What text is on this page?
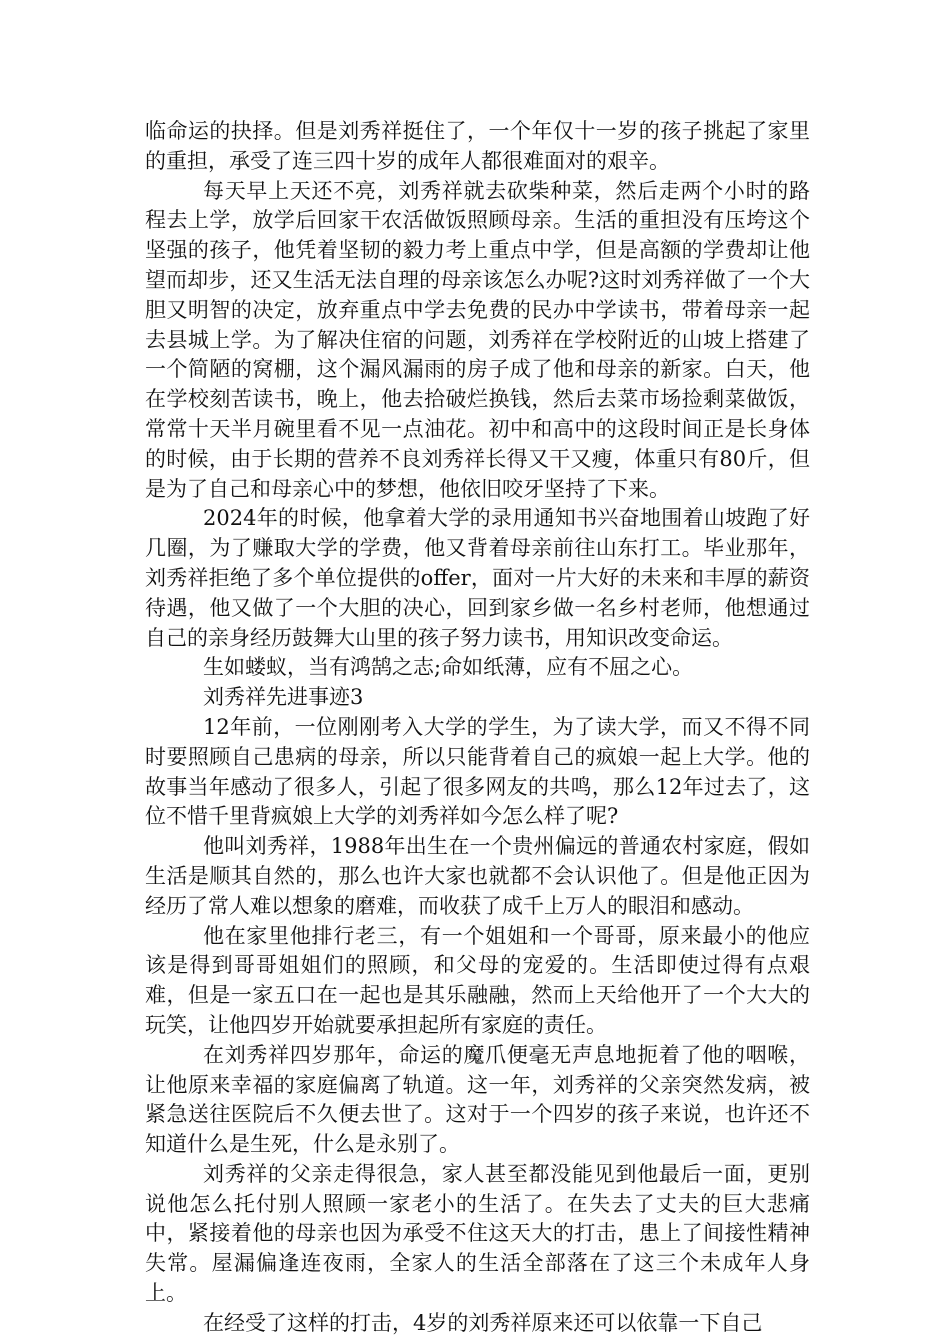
临命运的抉择。但是刘秀祥挺住了，一个年仅十一岁的孩子挑起了家里的重担，承受了连三四十岁的成年人都很难面对的艰辛。

每天早上天还不亮，刘秀祥就去砍柴种菜，然后走两个小时的路程去上学，放学后回家干农活做饭照顾母亲。生活的重担没有压垮这个坚强的孩子，他凭着坚韧的毅力考上重点中学，但是高额的学费却让他望而却步，还又生活无法自理的母亲该怎么办呢?这时刘秀祥做了一个大胆又明智的决定，放弃重点中学去免费的民办中学读书，带着母亲一起去县城上学。为了解决住宿的问题，刘秀祥在学校附近的山坡上搭建了一个简陋的窝棚，这个漏风漏雨的房子成了他和母亲的新家。白天，他在学校刻苦读书，晚上，他去拾破烂换钱，然后去菜市场捡剩菜做饭，常常十天半月碗里看不见一点油花。初中和高中的这段时间正是长身体的时候，由于长期的营养不良刘秀祥长得又干又瘦，体重只有80斤，但是为了自己和母亲心中的梦想，他依旧咬牙坚持了下来。

2024年的时候，他拿着大学的录用通知书兴奋地围着山坡跑了好几圈，为了赚取大学的学费，他又背着母亲前往山东打工。毕业那年，刘秀祥拒绝了多个单位提供的offer，面对一片大好的未来和丰厚的薪资待遇，他又做了一个大胆的决心，回到家乡做一名乡村老师，他想通过自己的亲身经历鼓舞大山里的孩子努力读书，用知识改变命运。

生如蝼蚁，当有鸿鹄之志;命如纸薄，应有不屈之心。

刘秀祥先进事迹3

12年前，一位刚刚考入大学的学生，为了读大学，而又不得不同时要照顾自己患病的母亲，所以只能背着自己的疯娘一起上大学。他的故事当年感动了很多人，引起了很多网友的共鸣，那么12年过去了，这位不惜千里背疯娘上大学的刘秀祥如今怎么样了呢?

他叫刘秀祥，1988年出生在一个贵州偏远的普通农村家庭，假如生活是顺其自然的，那么也许大家也就都不会认识他了。但是他正因为经历了常人难以想象的磨难，而收获了成千上万人的眼泪和感动。

他在家里他排行老三，有一个姐姐和一个哥哥，原来最小的他应该是得到哥哥姐姐们的照顾，和父母的宠爱的。生活即使过得有点艰难，但是一家五口在一起也是其乐融融，然而上天给他开了一个大大的玩笑，让他四岁开始就要承担起所有家庭的责任。

在刘秀祥四岁那年，命运的魔爪便毫无声息地扼着了他的咽喉，让他原来幸福的家庭偏离了轨道。这一年，刘秀祥的父亲突然发病，被紧急送往医院后不久便去世了。这对于一个四岁的孩子来说，也许还不知道什么是生死，什么是永别了。

刘秀祥的父亲走得很急，家人甚至都没能见到他最后一面，更别说他怎么托付别人照顾一家老小的生活了。在失去了丈夫的巨大悲痛中，紧接着他的母亲也因为承受不住这天大的打击，患上了间接性精神失常。屋漏偏逢连夜雨，全家人的生活全部落在了这三个未成年人身上。

在经受了这样的打击，4岁的刘秀祥原来还可以依靠一下自己
